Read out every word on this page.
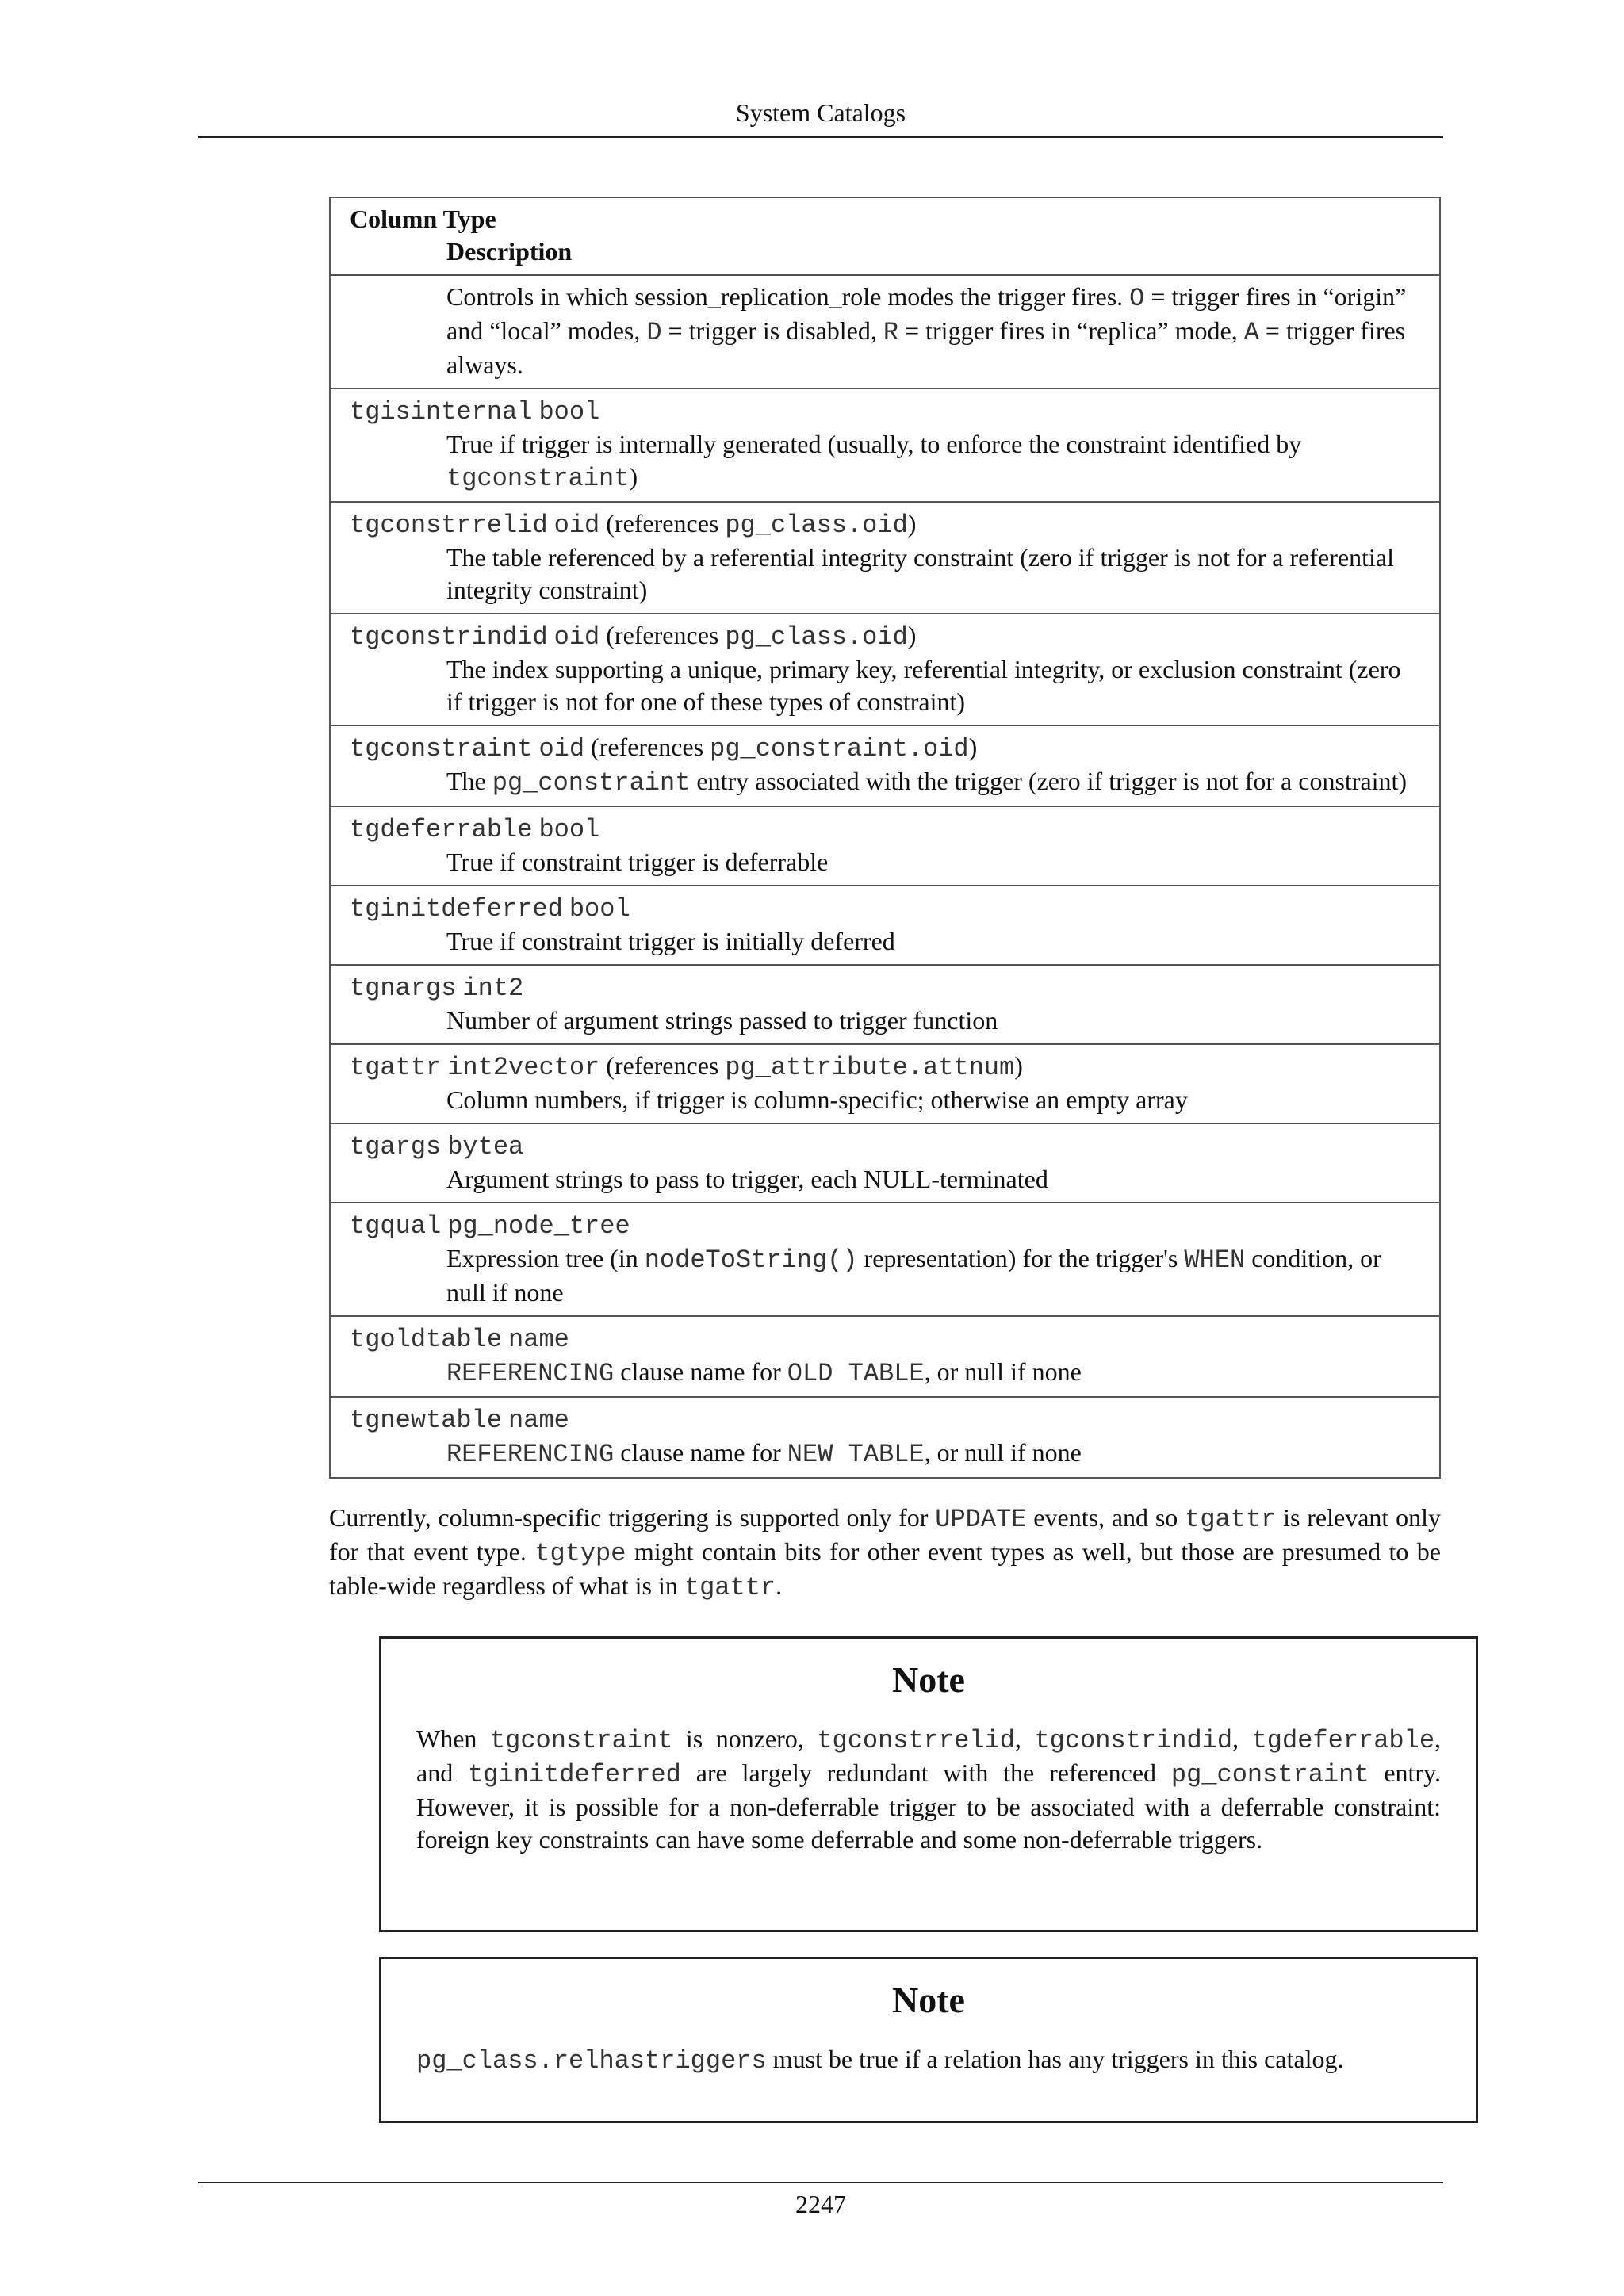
System Catalogs
Column Type
Description
Controls in which session_replication_role modes the trigger fires. O = trigger fires in “origin” and “local” modes, D = trigger is disabled, R = trigger fires in “replica” mode, A = trigger fires always.
tgisinternal bool
True if trigger is internally generated (usually, to enforce the constraint identified by tgconstraint)
tgconstrrelid oid (references pg_class.oid)
The table referenced by a referential integrity constraint (zero if trigger is not for a referential integrity constraint)
tgconstrindid oid (references pg_class.oid)
The index supporting a unique, primary key, referential integrity, or exclusion constraint (zero if trigger is not for one of these types of constraint)
tgconstraint oid (references pg_constraint.oid)
The pg_constraint entry associated with the trigger (zero if trigger is not for a constraint)
tgdeferrable bool
True if constraint trigger is deferrable
tginitdeferred bool
True if constraint trigger is initially deferred
tgnargs int2
Number of argument strings passed to trigger function
tgattr int2vector (references pg_attribute.attnum)
Column numbers, if trigger is column-specific; otherwise an empty array
tgargs bytea
Argument strings to pass to trigger, each NULL-terminated
tgqual pg_node_tree
Expression tree (in nodeToString() representation) for the trigger's WHEN condition, or null if none
tgoldtable name
REFERENCING clause name for OLD TABLE, or null if none
tgnewtable name
REFERENCING clause name for NEW TABLE, or null if none
Currently, column-specific triggering is supported only for UPDATE events, and so tgattr is relevant only for that event type. tgtype might contain bits for other event types as well, but those are presumed to be table-wide regardless of what is in tgattr.
Note
When tgconstraint is nonzero, tgconstrrelid, tgconstrindid, tgdeferrable, and tginitdeferred are largely redundant with the referenced pg_constraint entry. However, it is possible for a non-deferrable trigger to be associated with a deferrable constraint: foreign key constraints can have some deferrable and some non-deferrable triggers.
Note
pg_class.relhastriggers must be true if a relation has any triggers in this catalog.
2247
